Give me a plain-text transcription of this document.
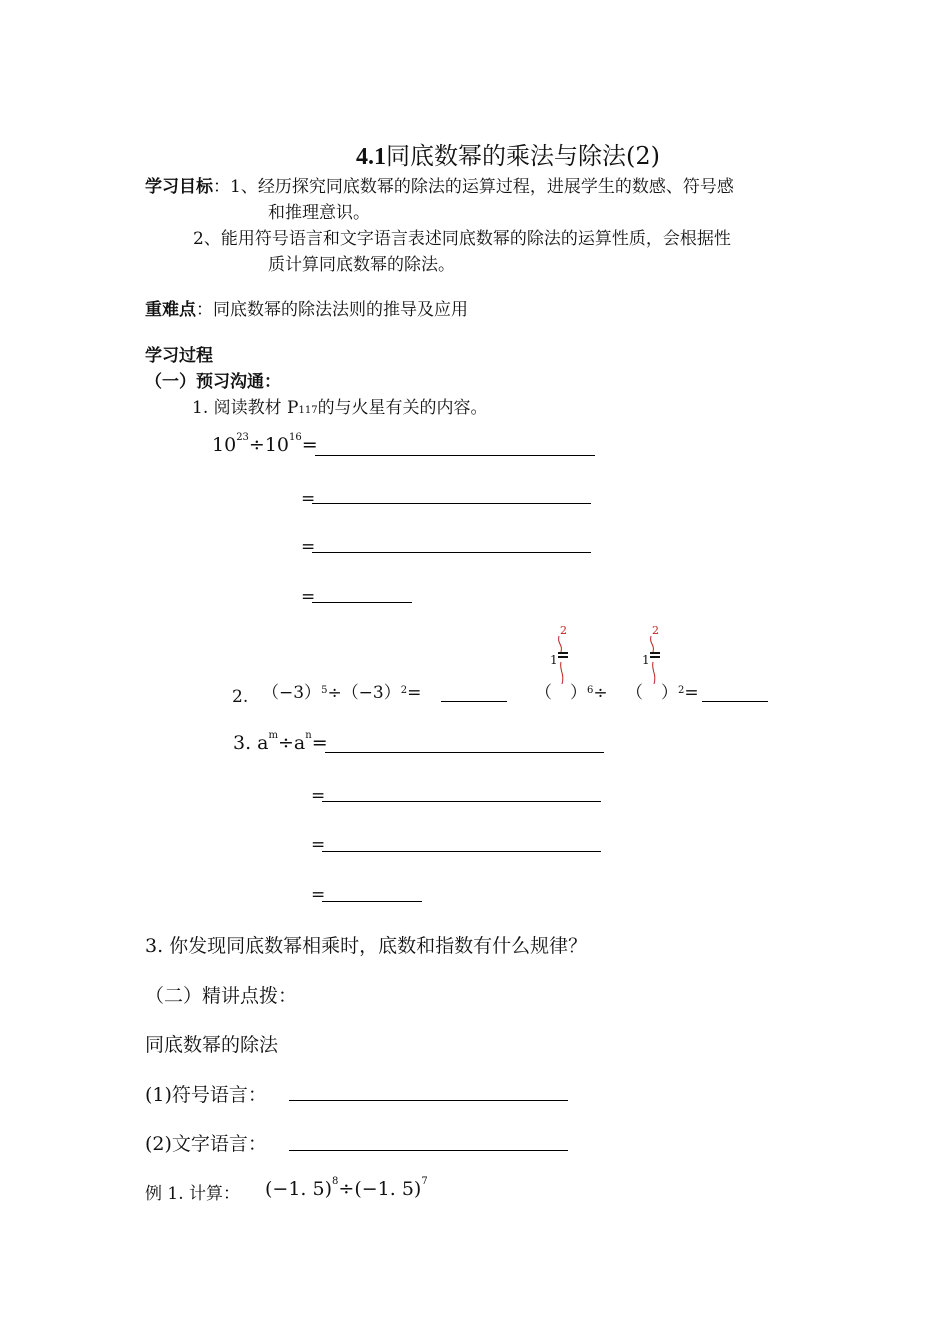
4.1同底数幂的乘法与除法(2)
学习目标：1、经历探究同底数幂的除法的运算过程，进展学生的数感、符号感
和推理意识。
2、能用符号语言和文字语言表述同底数幂的除法的运算性质，会根据性
质计算同底数幂的除法。
重难点：同底数幂的除法法则的推导及应用
学习过程
（一）预习沟通：
1. 阅读教材 P117的与火星有关的内容。
$10^{23}\div 10^{16}=$
=
=
=
2. $(-3)^5\div(-3)^2=$	（ ）$^6$÷
2
1
（ ）$^2$=
2
1
3. $a^m\div a^n=$
=
=
=
3. 你发现同底数幂相乘时，底数和指数有什么规律？
（二）精讲点拨：
同底数幂的除法
(1)符号语言：
(2)文字语言：
例 1. 计算： (−1. 5)$^8$÷(−1. 5)$^7$
